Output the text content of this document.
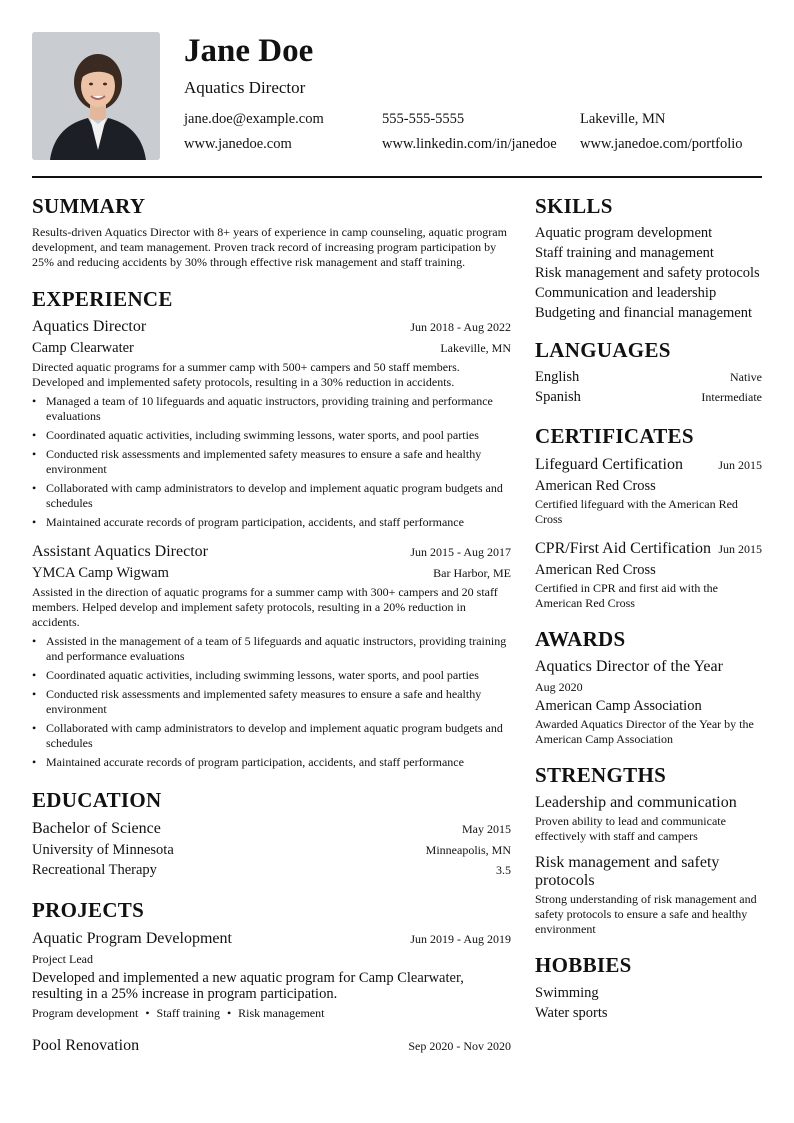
Jane Doe
Aquatics Director
jane.doe@example.com	555-555-5555	Lakeville, MN
www.janedoe.com	www.linkedin.com/in/janedoe www.janedoe.com/portfolio
SUMMARY
Results-driven Aquatics Director with 8+ years of experience in camp counseling, aquatic program development, and team management. Proven track record of increasing program participation by 25% and reducing accidents by 30% through effective risk management and staff training.
EXPERIENCE
Aquatics Director	Jun 2018 - Aug 2022
Camp Clearwater	Lakeville, MN
Directed aquatic programs for a summer camp with 500+ campers and 50 staff members. Developed and implemented safety protocols, resulting in a 30% reduction in accidents.
• Managed a team of 10 lifeguards and aquatic instructors, providing training and performance evaluations
• Coordinated aquatic activities, including swimming lessons, water sports, and pool parties
• Conducted risk assessments and implemented safety measures to ensure a safe and healthy environment
• Collaborated with camp administrators to develop and implement aquatic program budgets and schedules
• Maintained accurate records of program participation, accidents, and staff performance
Assistant Aquatics Director	Jun 2015 - Aug 2017
YMCA Camp Wigwam	Bar Harbor, ME
Assisted in the direction of aquatic programs for a summer camp with 300+ campers and 20 staff members. Helped develop and implement safety protocols, resulting in a 20% reduction in accidents.
• Assisted in the management of a team of 5 lifeguards and aquatic instructors, providing training and performance evaluations
• Coordinated aquatic activities, including swimming lessons, water sports, and pool parties
• Conducted risk assessments and implemented safety measures to ensure a safe and healthy environment
• Collaborated with camp administrators to develop and implement aquatic program budgets and schedules
• Maintained accurate records of program participation, accidents, and staff performance
EDUCATION
Bachelor of Science	May 2015
University of Minnesota	Minneapolis, MN
Recreational Therapy	3.5
PROJECTS
Aquatic Program Development	Jun 2019 - Aug 2019
Project Lead
Developed and implemented a new aquatic program for Camp Clearwater, resulting in a 25% increase in program participation.
Program development • Staff training • Risk management
Pool Renovation	Sep 2020 - Nov 2020
SKILLS
Aquatic program development
Staff training and management
Risk management and safety protocols
Communication and leadership
Budgeting and financial management
LANGUAGES
English	Native
Spanish	Intermediate
CERTIFICATES
Lifeguard Certification	Jun 2015
American Red Cross
Certified lifeguard with the American Red Cross
CPR/First Aid Certification Jun 2015
American Red Cross
Certified in CPR and first aid with the American Red Cross
AWARDS
Aquatics Director of the Year
Aug 2020
American Camp Association
Awarded Aquatics Director of the Year by the American Camp Association
STRENGTHS
Leadership and communication
Proven ability to lead and communicate effectively with staff and campers
Risk management and safety protocols
Strong understanding of risk management and safety protocols to ensure a safe and healthy environment
HOBBIES
Swimming
Water sports
